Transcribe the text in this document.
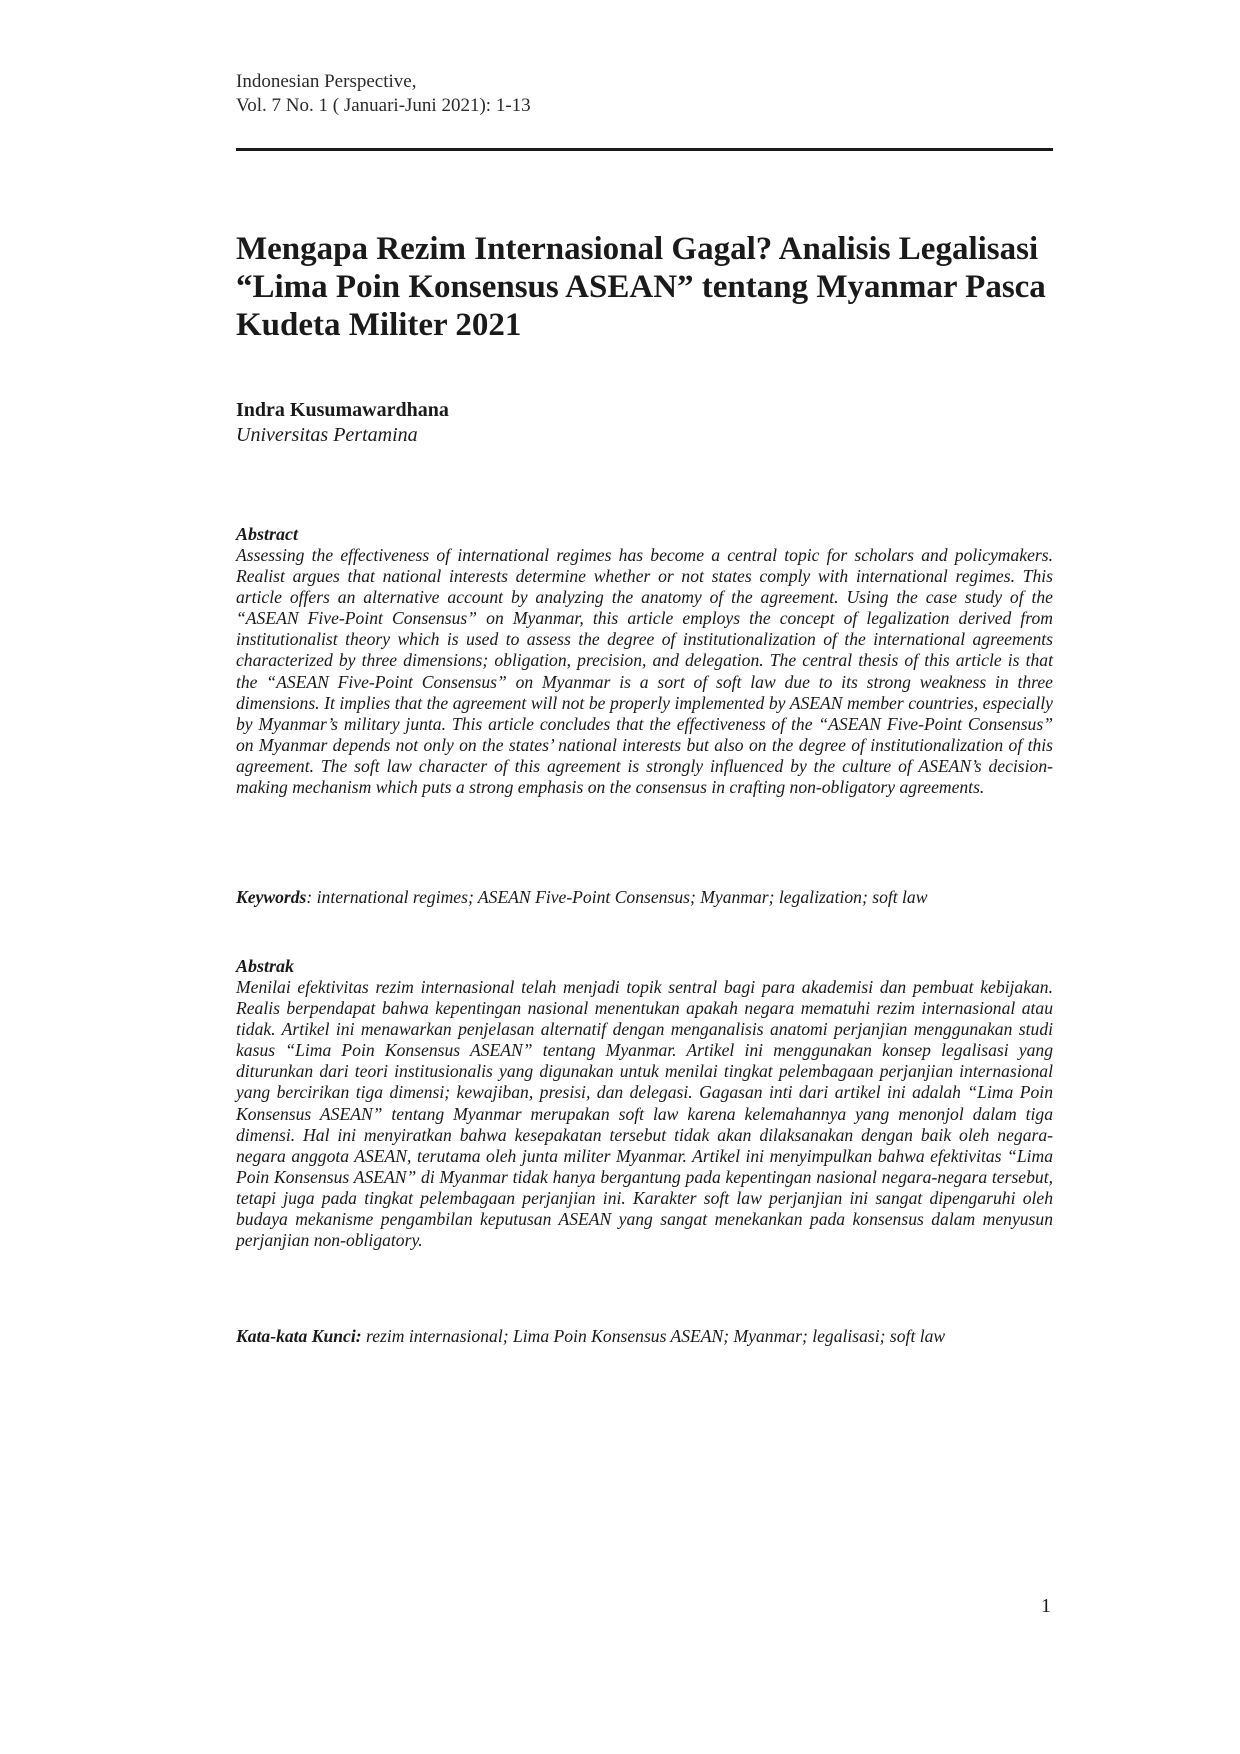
Indonesian Perspective,
Vol. 7 No. 1 ( Januari-Juni 2021): 1-13
Mengapa Rezim Internasional Gagal? Analisis Legalisasi “Lima Poin Konsensus ASEAN” tentang Myanmar Pasca Kudeta Militer 2021
Indra Kusumawardhana
Universitas Pertamina
Abstract

Assessing the effectiveness of international regimes has become a central topic for scholars and policymakers. Realist argues that national interests determine whether or not states comply with international regimes. This article offers an alternative account by analyzing the anatomy of the agreement. Using the case study of the “ASEAN Five-Point Consensus” on Myanmar, this article employs the concept of legalization derived from institutionalist theory which is used to assess the degree of institutionalization of the international agreements characterized by three dimensions; obligation, precision, and delegation. The central thesis of this article is that the “ASEAN Five-Point Consensus” on Myanmar is a sort of soft law due to its strong weakness in three dimensions. It implies that the agreement will not be properly implemented by ASEAN member countries, especially by Myanmar’s military junta. This article concludes that the effectiveness of the “ASEAN Five-Point Consensus” on Myanmar depends not only on the states’ national interests but also on the degree of institutionalization of this agreement. The soft law character of this agreement is strongly influenced by the culture of ASEAN’s decision-making mechanism which puts a strong emphasis on the consensus in crafting non-obligatory agreements.

Keywords: international regimes; ASEAN Five-Point Consensus; Myanmar; legalization; soft law

Abstrak

Menilai efektivitas rezim internasional telah menjadi topik sentral bagi para akademisi dan pembuat kebijakan. Realis berpendapat bahwa kepentingan nasional menentukan apakah negara mematuhi rezim internasional atau tidak. Artikel ini menawarkan penjelasan alternatif dengan menganalisis anatomi perjanjian menggunakan studi kasus “Lima Poin Konsensus ASEAN” tentang Myanmar. Artikel ini menggunakan konsep legalisasi yang diturunkan dari teori institusionalis yang digunakan untuk menilai tingkat pelembagaan perjanjian internasional yang bercirikan tiga dimensi; kewajiban, presisi, dan delegasi. Gagasan inti dari artikel ini adalah “Lima Poin Konsensus ASEAN” tentang Myanmar merupakan soft law karena kelemahannya yang menonjol dalam tiga dimensi. Hal ini menyiratkan bahwa kesepakatan tersebut tidak akan dilaksanakan dengan baik oleh negara-negara anggota ASEAN, terutama oleh junta militer Myanmar. Artikel ini menyimpulkan bahwa efektivitas “Lima Poin Konsensus ASEAN” di Myanmar tidak hanya bergantung pada kepentingan nasional negara-negara tersebut, tetapi juga pada tingkat pelembagaan perjanjian ini. Karakter soft law perjanjian ini sangat dipengaruhi oleh budaya mekanisme pengambilan keputusan ASEAN yang sangat menekankan pada konsensus dalam menyusun perjanjian non-obligatory.

Kata-kata Kunci: rezim internasional; Lima Poin Konsensus ASEAN; Myanmar; legalisasi; soft law

1
